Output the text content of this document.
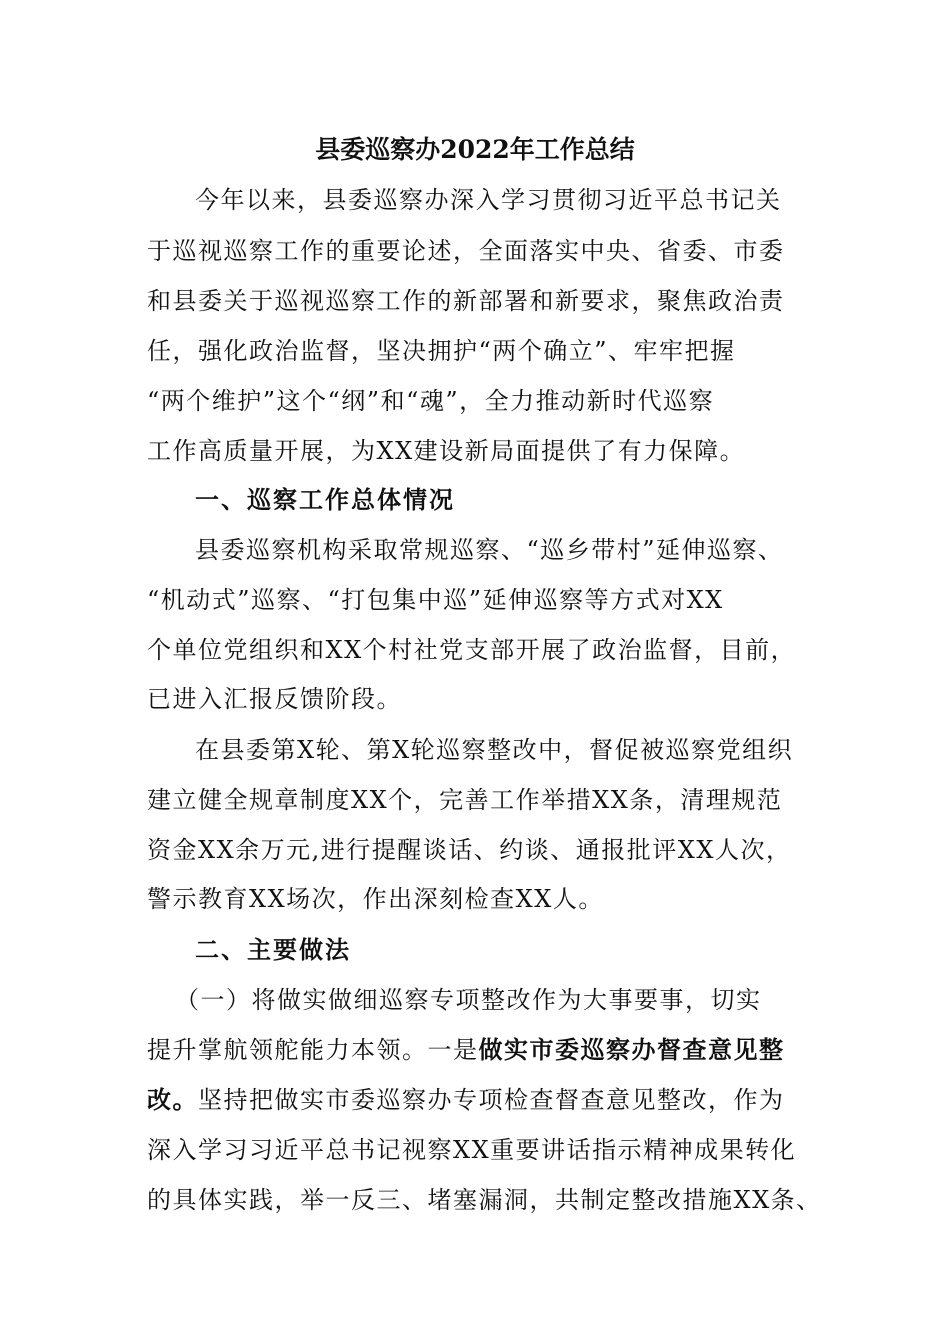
县委巡察办2022年工作总结
今年以来，县委巡察办深入学习贯彻习近平总书记关
于巡视巡察工作的重要论述，全面落实中央、省委、市委
和县委关于巡视巡察工作的新部署和新要求，聚焦政治责
任，强化政治监督，坚决拥护“两个确立”、牢牢把握
“两个维护”这个“纲”和“魂”，全力推动新时代巡察
工作高质量开展，为XX建设新局面提供了有力保障。
一、巡察工作总体情况
县委巡察机构采取常规巡察、“巡乡带村”延伸巡察、
“机动式”巡察、“打包集中巡”延伸巡察等方式对XX
个单位党组织和XX个村社党支部开展了政治监督，目前，
已进入汇报反馈阶段。
在县委第X轮、第X轮巡察整改中，督促被巡察党组织
建立健全规章制度XX个，完善工作举措XX条，清理规范
资金XX余万元,进行提醒谈话、约谈、通报批评XX人次，
警示教育XX场次，作出深刻检查XX人。
二、主要做法
（一）将做实做细巡察专项整改作为大事要事，切实
提升掌航领舵能力本领。一是做实市委巡察办督查意见整
改。坚持把做实市委巡察办专项检查督查意见整改，作为
深入学习习近平总书记视察XX重要讲话指示精神成果转化
的具体实践，举一反三、堵塞漏洞，共制定整改措施XX条、
